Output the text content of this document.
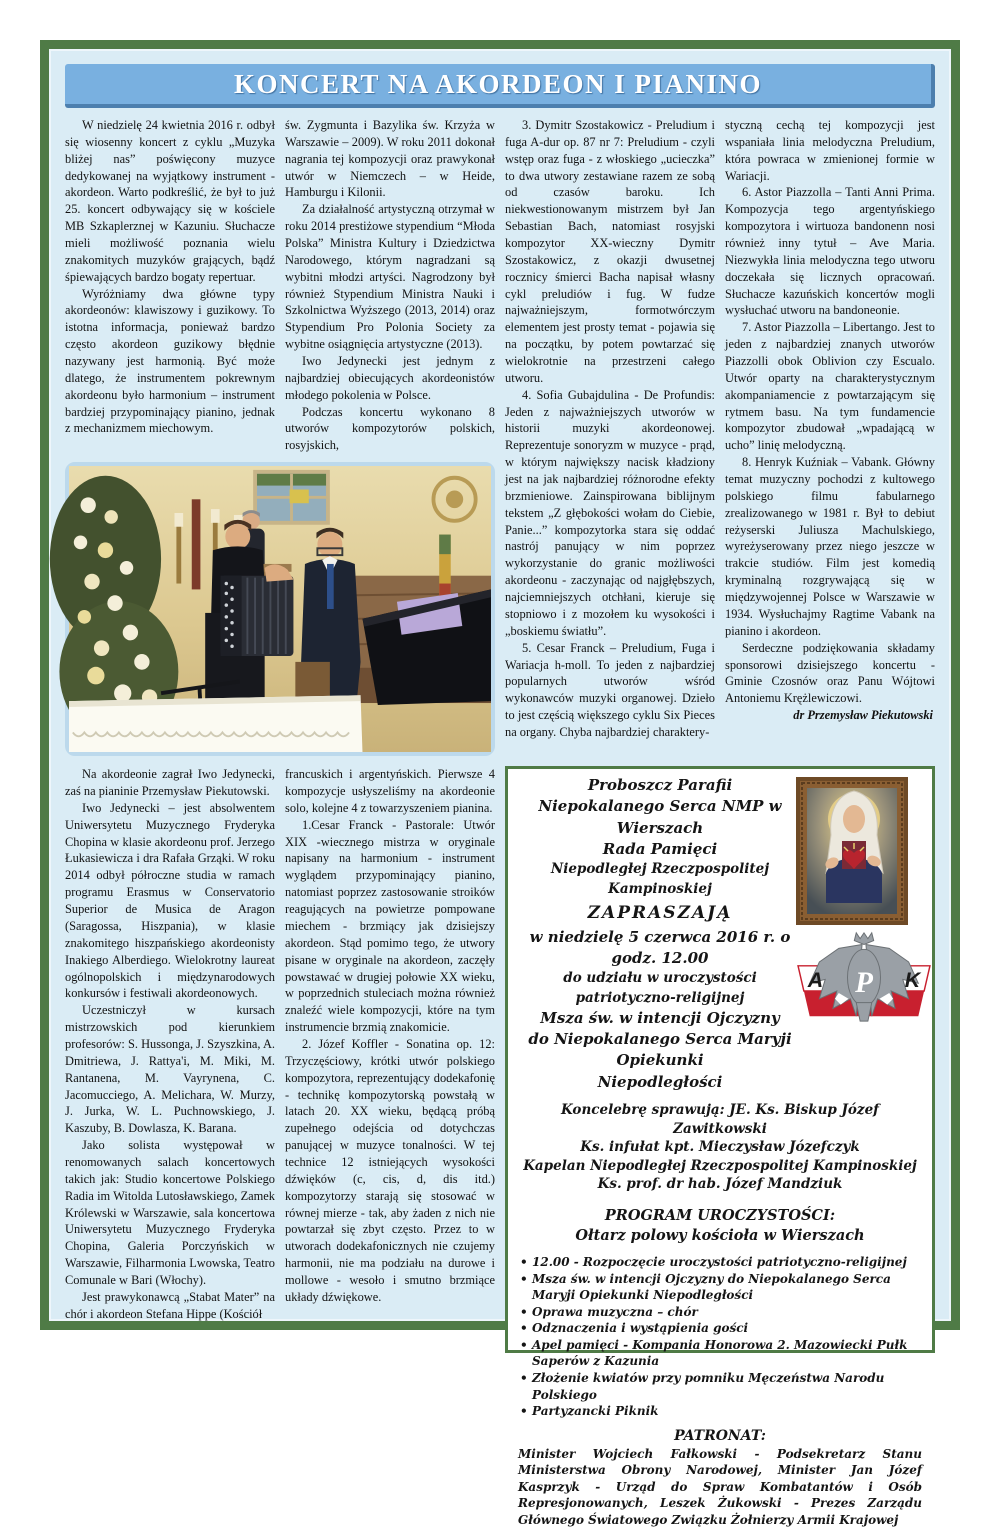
KONCERT NA AKORDEON I PIANINO

W niedzielę 24 kwietnia 2016 r. odbył się wiosenny koncert z cyklu „Muzyka bliżej nas” poświęcony muzyce dedykowanej na wyjątkowy instrument - akordeon. Warto podkreślić, że był to już 25. koncert odbywający się w kościele MB Szkaplerznej w Kazuniu. Słuchacze mieli możliwość poznania wielu znakomitych muzyków grających, bądź śpiewających bardzo bogaty repertuar.

Wyróżniamy dwa główne typy akordeonów: klawiszowy i guzikowy. To istotna informacja, ponieważ bardzo często akordeon guzikowy błędnie nazywany jest harmonią. Być może dlatego, że instrumentem pokrewnym akordeonu było harmonium – instrument bardziej przypominający pianino, jednak z mechanizmem miechowym.

św. Zygmunta i Bazylika św. Krzyża w Warszawie – 2009). W roku 2011 dokonał nagrania tej kompozycji oraz prawykonał utwór w Niemczech – w Heide, Hamburgu i Kilonii.

Za działalność artystyczną otrzymał w roku 2014 prestiżowe stypendium “Młoda Polska” Ministra Kultury i Dziedzictwa Narodowego, którym nagradzani są wybitni młodzi artyści. Nagrodzony był również Stypendium Ministra Nauki i Szkolnictwa Wyższego (2013, 2014) oraz Stypendium Pro Polonia Society za wybitne osiągnięcia artystyczne (2013).

Iwo Jedynecki jest jednym z najbardziej obiecujących akordeonistów młodego pokolenia w Polsce.

Podczas koncertu wykonano 8 utworów kompozytorów polskich, rosyjskich,

3. Dymitr Szostakowicz - Preludium i fuga A-dur op. 87 nr 7: Preludium - czyli wstęp oraz fuga - z włoskiego „ucieczka” to dwa utwory zestawiane razem ze sobą od czasów baroku. Ich niekwestionowanym mistrzem był Jan Sebastian Bach, natomiast rosyjski kompozytor XX-wieczny Dymitr Szostakowicz, z okazji dwusetnej rocznicy śmierci Bacha napisał własny cykl preludiów i fug. W fudze najważniejszym, formotwórczym elementem jest prosty temat - pojawia się na początku, by potem powtarzać się wielokrotnie na przestrzeni całego utworu.

4. Sofia Gubajdulina - De Profundis: Jeden z najważniejszych utworów w historii muzyki akordeonowej. Reprezentuje sonoryzm w muzyce - prąd, w którym największy nacisk kładziony jest na jak najbardziej różnorodne efekty brzmieniowe. Zainspirowana biblijnym tekstem „Z głębokości wołam do Ciebie, Panie...” kompozytorka stara się oddać nastrój panujący w nim poprzez wykorzystanie do granic możliwości akordeonu - zaczynając od najgłębszych, najciemniejszych otchłani, kieruje się stopniowo i z mozołem ku wysokości i „boskiemu światłu”.

5. Cesar Franck – Preludium, Fuga i Wariacja h-moll. To jeden z najbardziej popularnych utworów wśród wykonawców muzyki organowej. Dzieło to jest częścią większego cyklu Six Pieces na organy. Chyba najbardziej charaktery-

styczną cechą tej kompozycji jest wspaniała linia melodyczna Preludium, która powraca w zmienionej formie w Wariacji.

6. Astor Piazzolla – Tanti Anni Prima. Kompozycja tego argentyńskiego kompozytora i wirtuoza bandonenn nosi również inny tytuł – Ave Maria. Niezwykła linia melodyczna tego utworu doczekała się licznych opracowań. Słuchacze kazuńskich koncertów mogli wysłuchać utworu na bandoneonie.

7. Astor Piazzolla – Libertango. Jest to jeden z najbardziej znanych utworów Piazzolli obok Oblivion czy Escualo. Utwór oparty na charakterystycznym akompaniamencie z powtarzającym się rytmem basu. Na tym fundamencie kompozytor zbudował „wpadającą w ucho” linię melodyczną.

8. Henryk Kuźniak – Vabank. Główny temat muzyczny pochodzi z kultowego polskiego filmu fabularnego zrealizowanego w 1981 r. Był to debiut reżyserski Juliusza Machulskiego, wyreżyserowany przez niego jeszcze w trakcie studiów. Film jest komedią kryminalną rozgrywającą się w międzywojennej Polsce w Warszawie w 1934. Wysłuchajmy Ragtime Vabank na pianino i akordeon.

Serdeczne podziękowania składamy sponsorowi dzisiejszego koncertu - Gminie Czosnów oraz Panu Wójtowi Antoniemu Krężlewiczowi.

dr Przemysław Piekutowski

Na akordeonie zagrał Iwo Jedynecki, zaś na pianinie Przemysław Piekutowski.

Iwo Jedynecki – jest absolwentem Uniwersytetu Muzycznego Fryderyka Chopina w klasie akordeonu prof. Jerzego Łukasiewicza i dra Rafała Grząki. W roku 2014 odbył półroczne studia w ramach programu Erasmus w Conservatorio Superior de Musica de Aragon (Saragossa, Hiszpania), w klasie znakomitego hiszpańskiego akordeonisty Inakiego Alberdiego. Wielokrotny laureat ogólnopolskich i międzynarodowych konkursów i festiwali akordeonowych.

Uczestniczył w kursach mistrzowskich pod kierunkiem profesorów: S. Hussonga, J. Szyszkina, A. Dmitriewa, J. Rattya'i, M. Miki, M. Rantanena, M. Vayrynena, C. Jacomucciego, A. Melichara, W. Murzy, J. Jurka, W. L. Puchnowskiego, J. Kaszuby, B. Dowlasza, K. Barana.

Jako solista występował w renomowanych salach koncertowych takich jak: Studio koncertowe Polskiego Radia im Witolda Lutosławskiego, Zamek Królewski w Warszawie, sala koncertowa Uniwersytetu Muzycznego Fryderyka Chopina, Galeria Porczyńskich w Warszawie, Filharmonia Lwowska, Teatro Comunale w Bari (Włochy).

Jest prawykonawcą „Stabat Mater” na chór i akordeon Stefana Hippe (Kościół

francuskich i argentyńskich. Pierwsze 4 kompozycje usłyszeliśmy na akordeonie solo, kolejne 4 z towarzyszeniem pianina.

1.Cesar Franck - Pastorale: Utwór XIX -wiecznego mistrza w oryginale napisany na harmonium - instrument wyglądem przypominający pianino, natomiast poprzez zastosowanie stroików reagujących na powietrze pompowane miechem - brzmiący jak dzisiejszy akordeon. Stąd pomimo tego, że utwory pisane w oryginale na akordeon, zaczęły powstawać w drugiej połowie XX wieku, w poprzednich stuleciach można również znaleźć wiele kompozycji, które na tym instrumencie brzmią znakomicie.

2. Józef Koffler - Sonatina op. 12: Trzyczęściowy, krótki utwór polskiego kompozytora, reprezentujący dodekafonię - technikę kompozytorską powstałą w latach 20. XX wieku, będącą próbą zupełnego odejścia od dotychczas panującej w muzyce tonalności. W tej technice 12 istniejących wysokości dźwięków (c, cis, d, dis itd.) kompozytorzy starają się stosować w równej mierze - tak, aby żaden z nich nie powtarzał się zbyt często. Przez to w utworach dodekafonicznych nie czujemy harmonii, nie ma podziału na durowe i mollowe - wesoło i smutno brzmiące układy dźwiękowe.

P
A	K
Proboszcz Parafii
Niepokalanego Serca NMP w Wierszach
Rada Pamięci
Niepodległej Rzeczpospolitej Kampinoskiej
ZAPRASZAJĄ
w niedzielę 5 czerwca 2016 r. o godz. 12.00
do udziału w uroczystości patriotyczno-religijnej
Msza św. w intencji Ojczyzny
do Niepokalanego Serca Maryji Opiekunki
Niepodległości
Koncelebrę sprawują: JE. Ks. Biskup Józef Zawitkowski
Ks. infułat kpt. Mieczysław Józefczyk
Kapelan Niepodległej Rzeczpospolitej Kampinoskiej
Ks. prof. dr hab. Józef Mandziuk
PROGRAM UROCZYSTOŚCI:
Ołtarz polowy kościoła w Wierszach
• 12.00 - Rozpoczęcie uroczystości patriotyczno-religijnej
• Msza św. w intencji Ojczyzny do Niepokalanego Serca Maryji Opiekunki Niepodległości
• Oprawa muzyczna – chór
• Odznaczenia i wystąpienia gości
• Apel pamięci - Kompania Honorowa 2. Mazowiecki Pułk Saperów z Kazunia
• Złożenie kwiatów przy pomniku Męczeństwa Narodu Polskiego
• Partyzancki Piknik
PATRONAT:
Minister Wojciech Fałkowski - Podsekretarz Stanu Ministerstwa Obrony Narodowej, Minister Jan Józef Kasprzyk - Urząd do Spraw Kombatantów i Osób Represjonowanych, Leszek Żukowski - Prezes Zarządu Głównego Światowego Związku Żołnierzy Armii Krajowej
